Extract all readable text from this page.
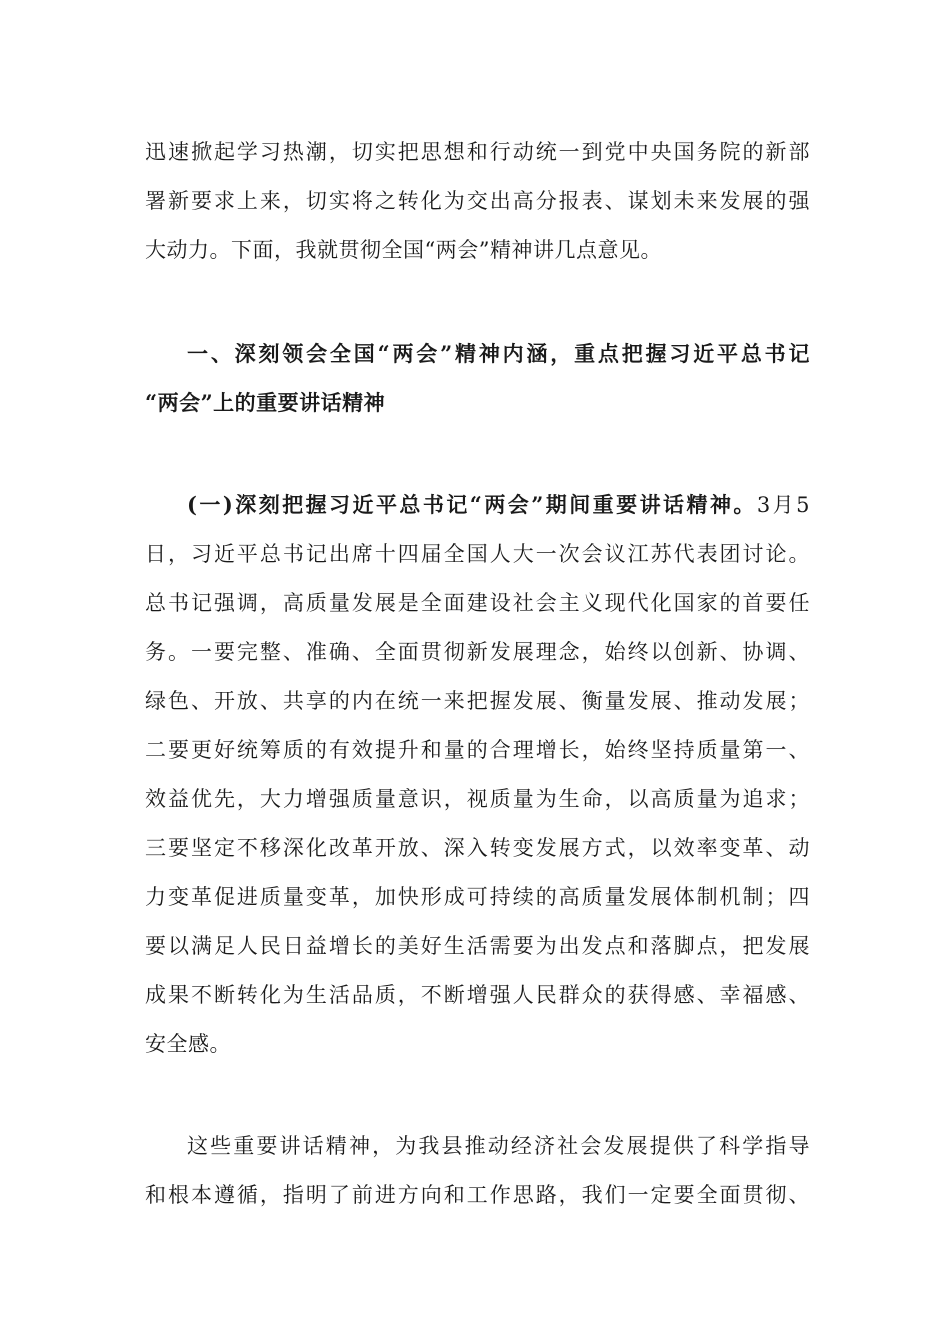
迅速掀起学习热潮，切实把思想和行动统一到党中央国务院的新部
署新要求上来，切实将之转化为交出高分报表、谋划未来发展的强
大动力。下面，我就贯彻全国“两会”精神讲几点意见。
一、深刻领会全国“两会”精神内涵，重点把握习近平总书记
“两会”上的重要讲话精神
(一)深刻把握习近平总书记“两会”期间重要讲话精神。3月5
日，习近平总书记出席十四届全国人大一次会议江苏代表团讨论。
总书记强调，高质量发展是全面建设社会主义现代化国家的首要任
务。一要完整、准确、全面贯彻新发展理念，始终以创新、协调、
绿色、开放、共享的内在统一来把握发展、衡量发展、推动发展；
二要更好统筹质的有效提升和量的合理增长，始终坚持质量第一、
效益优先，大力增强质量意识，视质量为生命，以高质量为追求；
三要坚定不移深化改革开放、深入转变发展方式，以效率变革、动
力变革促进质量变革，加快形成可持续的高质量发展体制机制；四
要以满足人民日益增长的美好生活需要为出发点和落脚点，把发展
成果不断转化为生活品质，不断增强人民群众的获得感、幸福感、
安全感。
这些重要讲话精神，为我县推动经济社会发展提供了科学指导
和根本遵循，指明了前进方向和工作思路，我们一定要全面贯彻、
